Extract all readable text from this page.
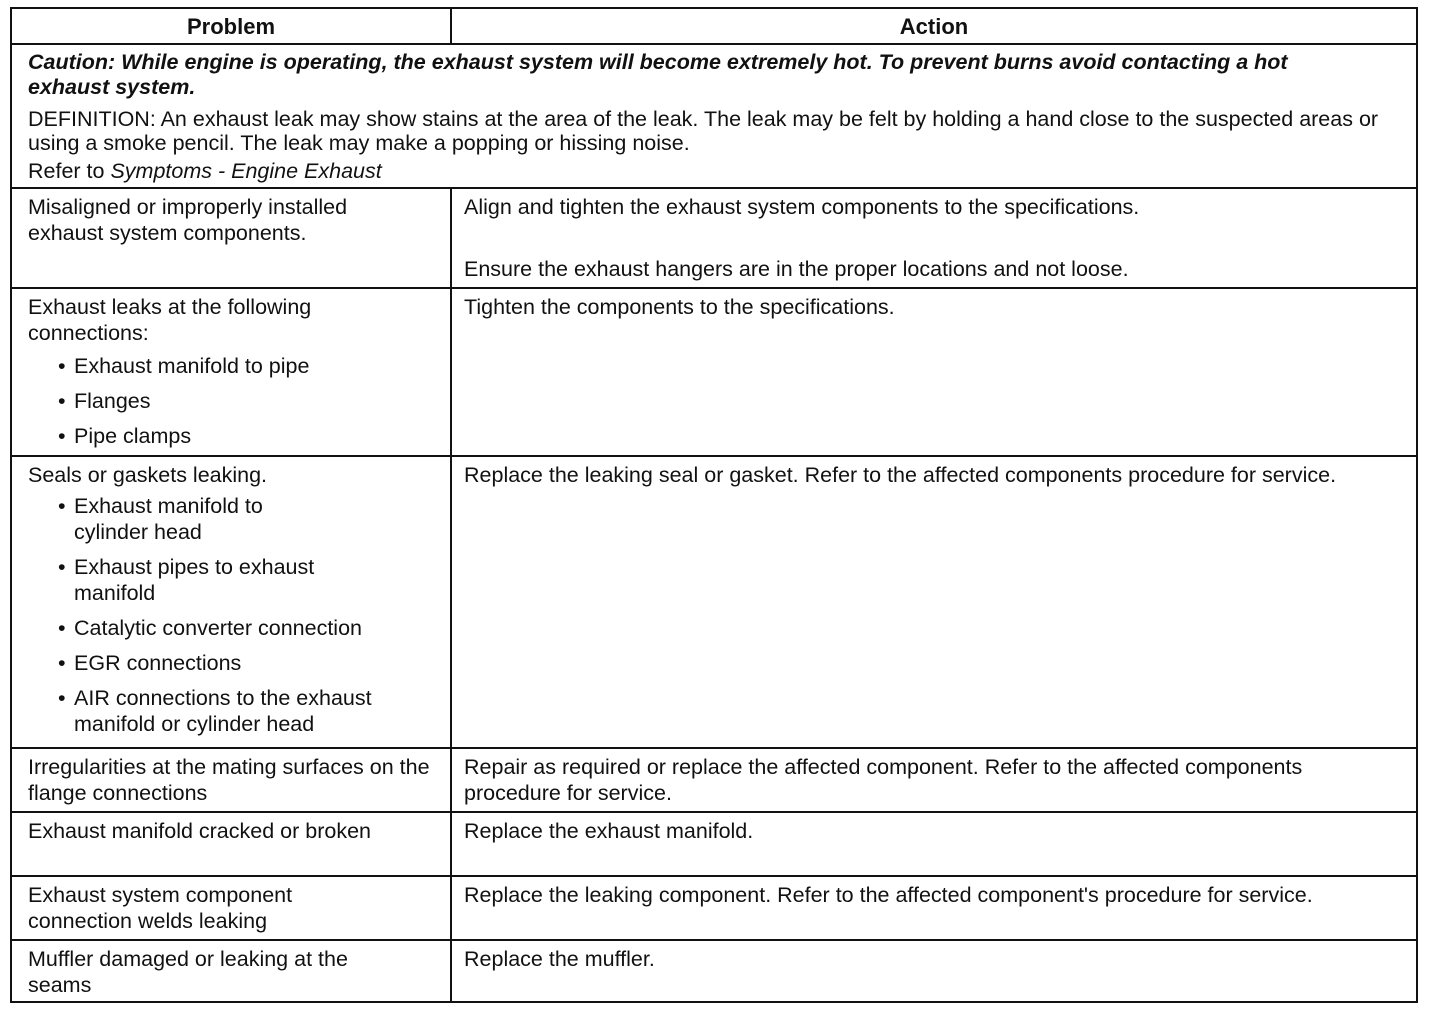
Problem	Action

Caution: While engine is operating, the exhaust system will become extremely hot. To prevent burns avoid contacting a hot exhaust system.

DEFINITION: An exhaust leak may show stains at the area of the leak. The leak may be felt by holding a hand close to the suspected areas or using a smoke pencil. The leak may make a popping or hissing noise.

Refer to Symptoms - Engine Exhaust

Misaligned or improperly installed exhaust system components.

Align and tighten the exhaust system components to the specifications.

Ensure the exhaust hangers are in the proper locations and not loose.

Exhaust leaks at the following connections:

• Exhaust manifold to pipe
• Flanges
• Pipe clamps
Tighten the components to the specifications.

Seals or gaskets leaking.

• Exhaust manifold to cylinder head
• Exhaust pipes to exhaust manifold
• Catalytic converter connection
• EGR connections
• AIR connections to the exhaust manifold or cylinder head
Replace the leaking seal or gasket. Refer to the affected components procedure for service.
Irregularities at the mating surfaces on the flange connections
Repair as required or replace the affected component. Refer to the affected components procedure for service.
Exhaust manifold cracked or broken	Replace the exhaust manifold.
Exhaust system component connection welds leaking
Replace the leaking component. Refer to the affected component's procedure for service.
Muffler damaged or leaking at the seams
Replace the muffler.
